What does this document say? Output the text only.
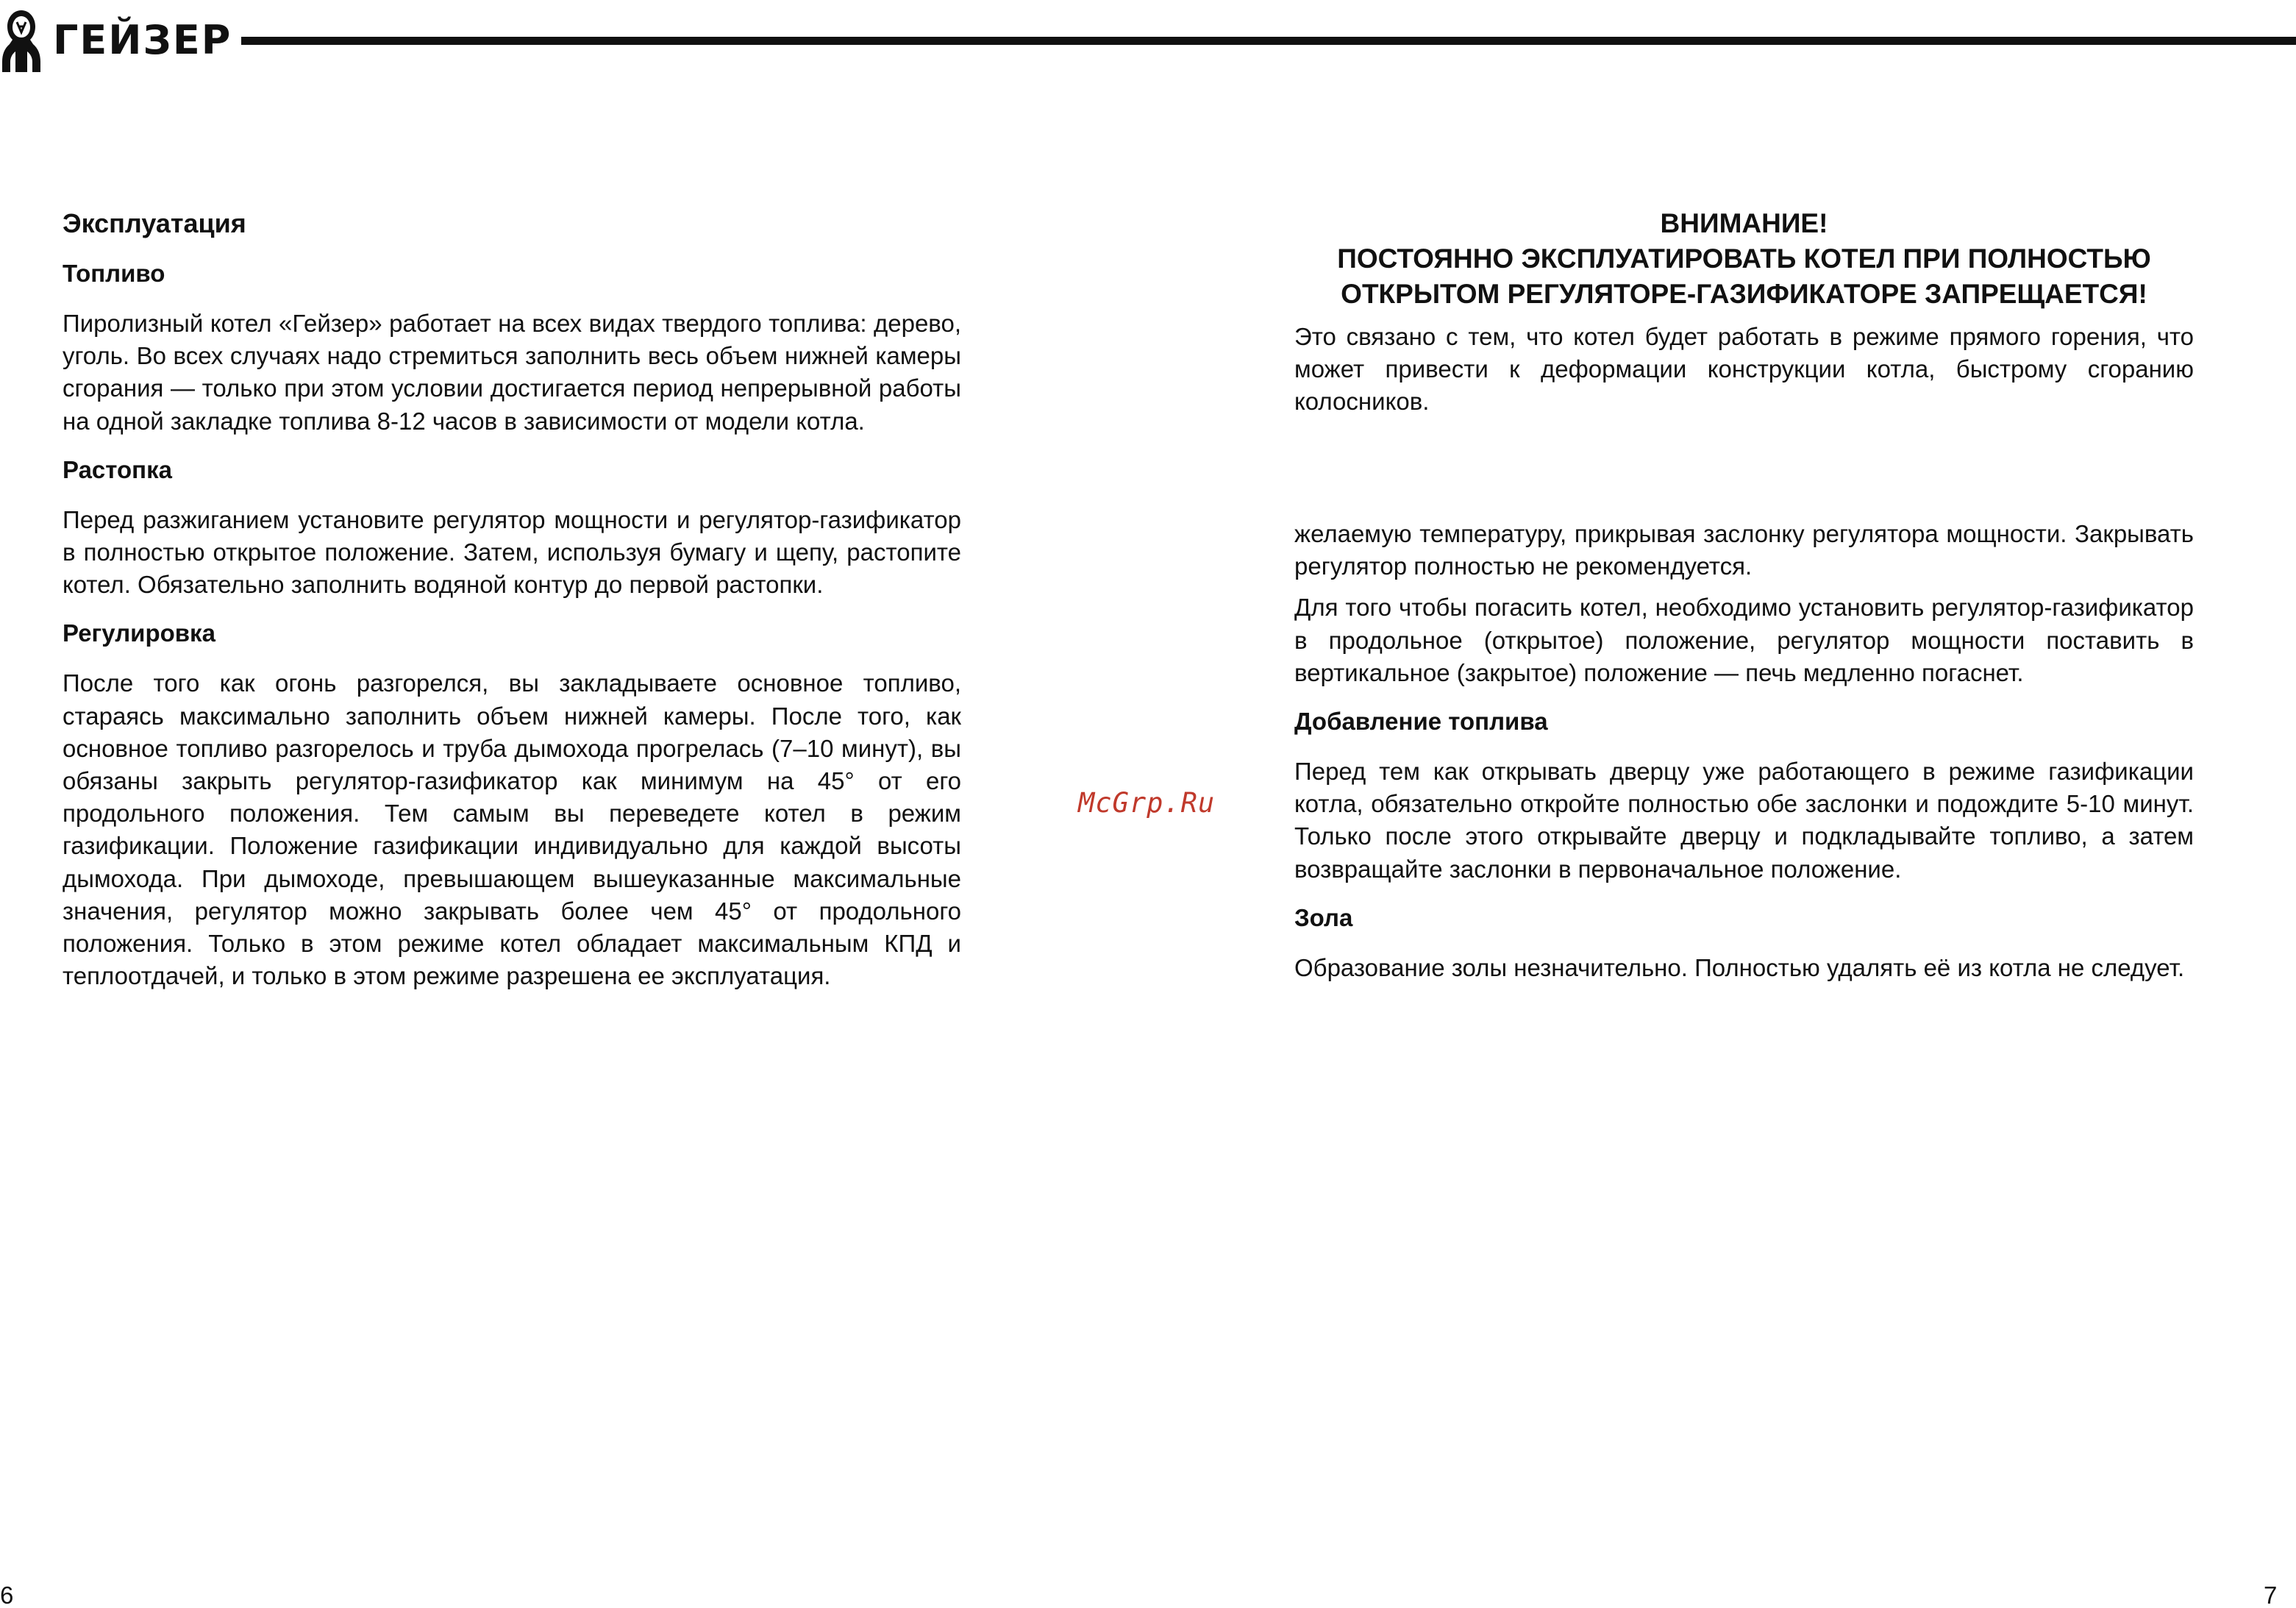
ГЕЙЗЕР
Эксплуатация
Топливо
Пиролизный котел «Гейзер» работает на всех видах твердого топлива: дерево, уголь. Во всех случаях надо стремиться заполнить весь объем нижней камеры сгорания — только при этом условии достигается период непрерывной работы на одной закладке топлива 8-12 часов в зависимости от модели котла.
Растопка
Перед разжиганием установите регулятор мощности и регулятор-газификатор в полностью открытое положение. Затем, используя бумагу и щепу, растопите котел. Обязательно заполнить водяной контур до первой растопки.
Регулировка
После того как огонь разгорелся, вы закладываете основное топливо, стараясь максимально заполнить объем нижней камеры. После того, как основное топливо разгорелось и труба дымохода прогрелась (7–10 минут), вы обязаны закрыть регулятор-газификатор как минимум на 45° от его продольного положения. Тем самым вы переведете котел в режим газификации. Положение газификации индивидуально для каждой высоты дымохода. При дымоходе, превышающем вышеуказанные максимальные значения, регулятор можно закрывать более чем 45° от продольного положения. Только в этом режиме котел обладает максимальным КПД и теплоотдачей, и только в этом режиме разрешена ее эксплуатация.
ВНИМАНИЕ!
ПОСТОЯННО ЭКСПЛУАТИРОВАТЬ КОТЕЛ ПРИ ПОЛНОСТЬЮ
ОТКРЫТОМ РЕГУЛЯТОРЕ-ГАЗИФИКАТОРЕ ЗАПРЕЩАЕТСЯ!
Это связано с тем, что котел будет работать в режиме прямого горения, что может привести к деформации конструкции котла, быстрому сгоранию колосников.
желаемую температуру, прикрывая заслонку регулятора мощности. Закрывать регулятор полностью не рекомендуется.
Для того чтобы погасить котел, необходимо установить регулятор-газификатор в продольное (открытое) положение, регулятор мощности поставить в вертикальное (закрытое) положение — печь медленно погаснет.
Добавление топлива
Перед тем как открывать дверцу уже работающего в режиме газификации котла, обязательно откройте полностью обе заслонки и подождите 5-10 минут. Только после этого открывайте дверцу и подкладывайте топливо, а затем возвращайте заслонки в первоначальное положение.
Зола
Образование золы незначительно. Полностью удалять её из котла не следует.
McGrp.Ru
6	7
